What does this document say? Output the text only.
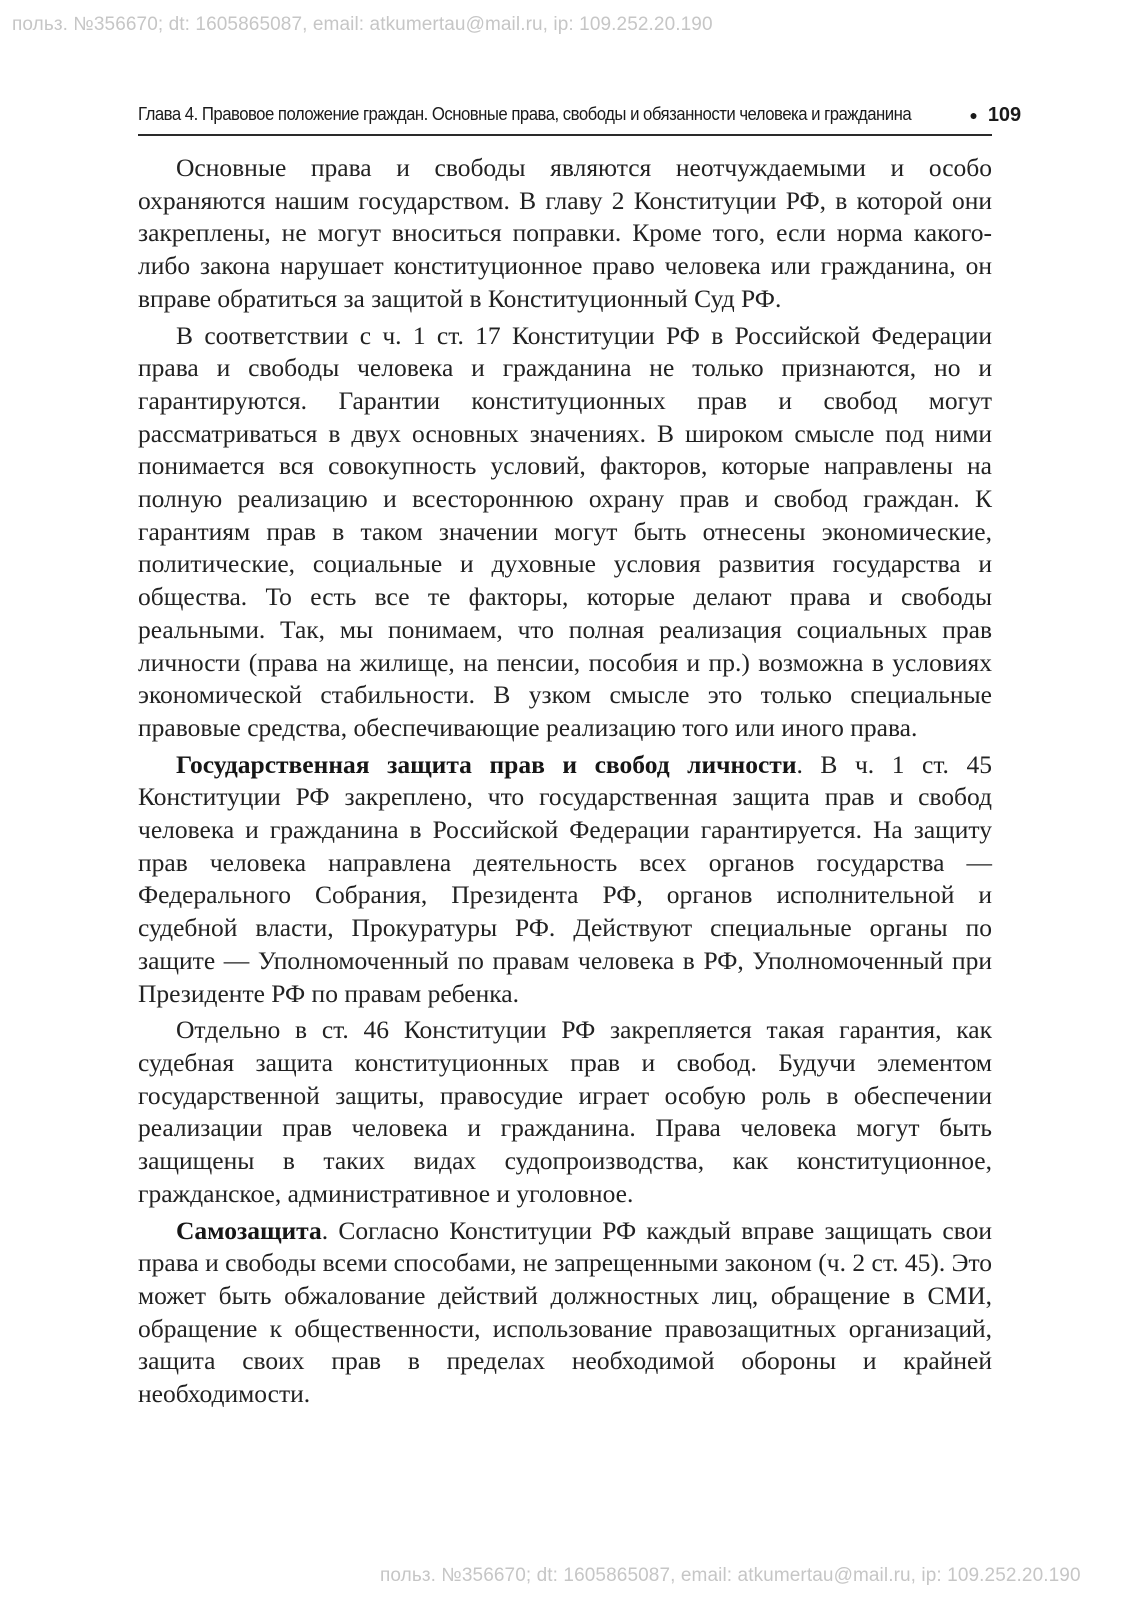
польз. №356670; dt: 1605865087, email: atkumertau@mail.ru, ip: 109.252.20.190
Глава 4. Правовое положение граждан. Основные права, свободы и обязанности человека и гражданина	● 109

Основные права и свободы являются неотчуждаемыми и особо охраняются нашим государством. В главу 2 Конституции РФ, в которой они закреплены, не могут вноситься поправки. Кроме того, если норма какого-либо закона нарушает конституционное право человека или гражданина, он вправе обратиться за защитой в Конституционный Суд РФ.

В соответствии с ч. 1 ст. 17 Конституции РФ в Российской Федерации права и свободы человека и гражданина не только признаются, но и гарантируются. Гарантии конституционных прав и свобод могут рассматриваться в двух основных значениях. В широком смысле под ними понимается вся совокупность условий, факторов, которые направлены на полную реализацию и всестороннюю охрану прав и свобод граждан. К гарантиям прав в таком значении могут быть отнесены экономические, политические, социальные и духовные условия развития государства и общества. То есть все те факторы, которые делают права и свободы реальными. Так, мы понимаем, что полная реализация социальных прав личности (права на жилище, на пенсии, пособия и пр.) возможна в условиях экономической стабильности. В узком смысле это только специальные правовые средства, обеспечивающие реализацию того или иного права.

Государственная защита прав и свобод личности. В ч. 1 ст. 45 Конституции РФ закреплено, что государственная защита прав и свобод человека и гражданина в Российской Федерации гарантируется. На защиту прав человека направлена деятельность всех органов государства — Федерального Собрания, Президента РФ, органов исполнительной и судебной власти, Прокуратуры РФ. Действуют специальные органы по защите — Уполномоченный по правам человека в РФ, Уполномоченный при Президенте РФ по правам ребенка.

Отдельно в ст. 46 Конституции РФ закрепляется такая гарантия, как судебная защита конституционных прав и свобод. Будучи элементом государственной защиты, правосудие играет особую роль в обеспечении реализации прав человека и гражданина. Права человека могут быть защищены в таких видах судопроизводства, как конституционное, гражданское, административное и уголовное.

Самозащита. Согласно Конституции РФ каждый вправе защищать свои права и свободы всеми способами, не запрещенными законом (ч. 2 ст. 45). Это может быть обжалование действий должностных лиц, обращение в СМИ, обращение к общественности, использование правозащитных организаций, защита своих прав в пределах необходимой обороны и крайней необходимости.

польз. №356670; dt: 1605865087, email: atkumertau@mail.ru, ip: 109.252.20.190
